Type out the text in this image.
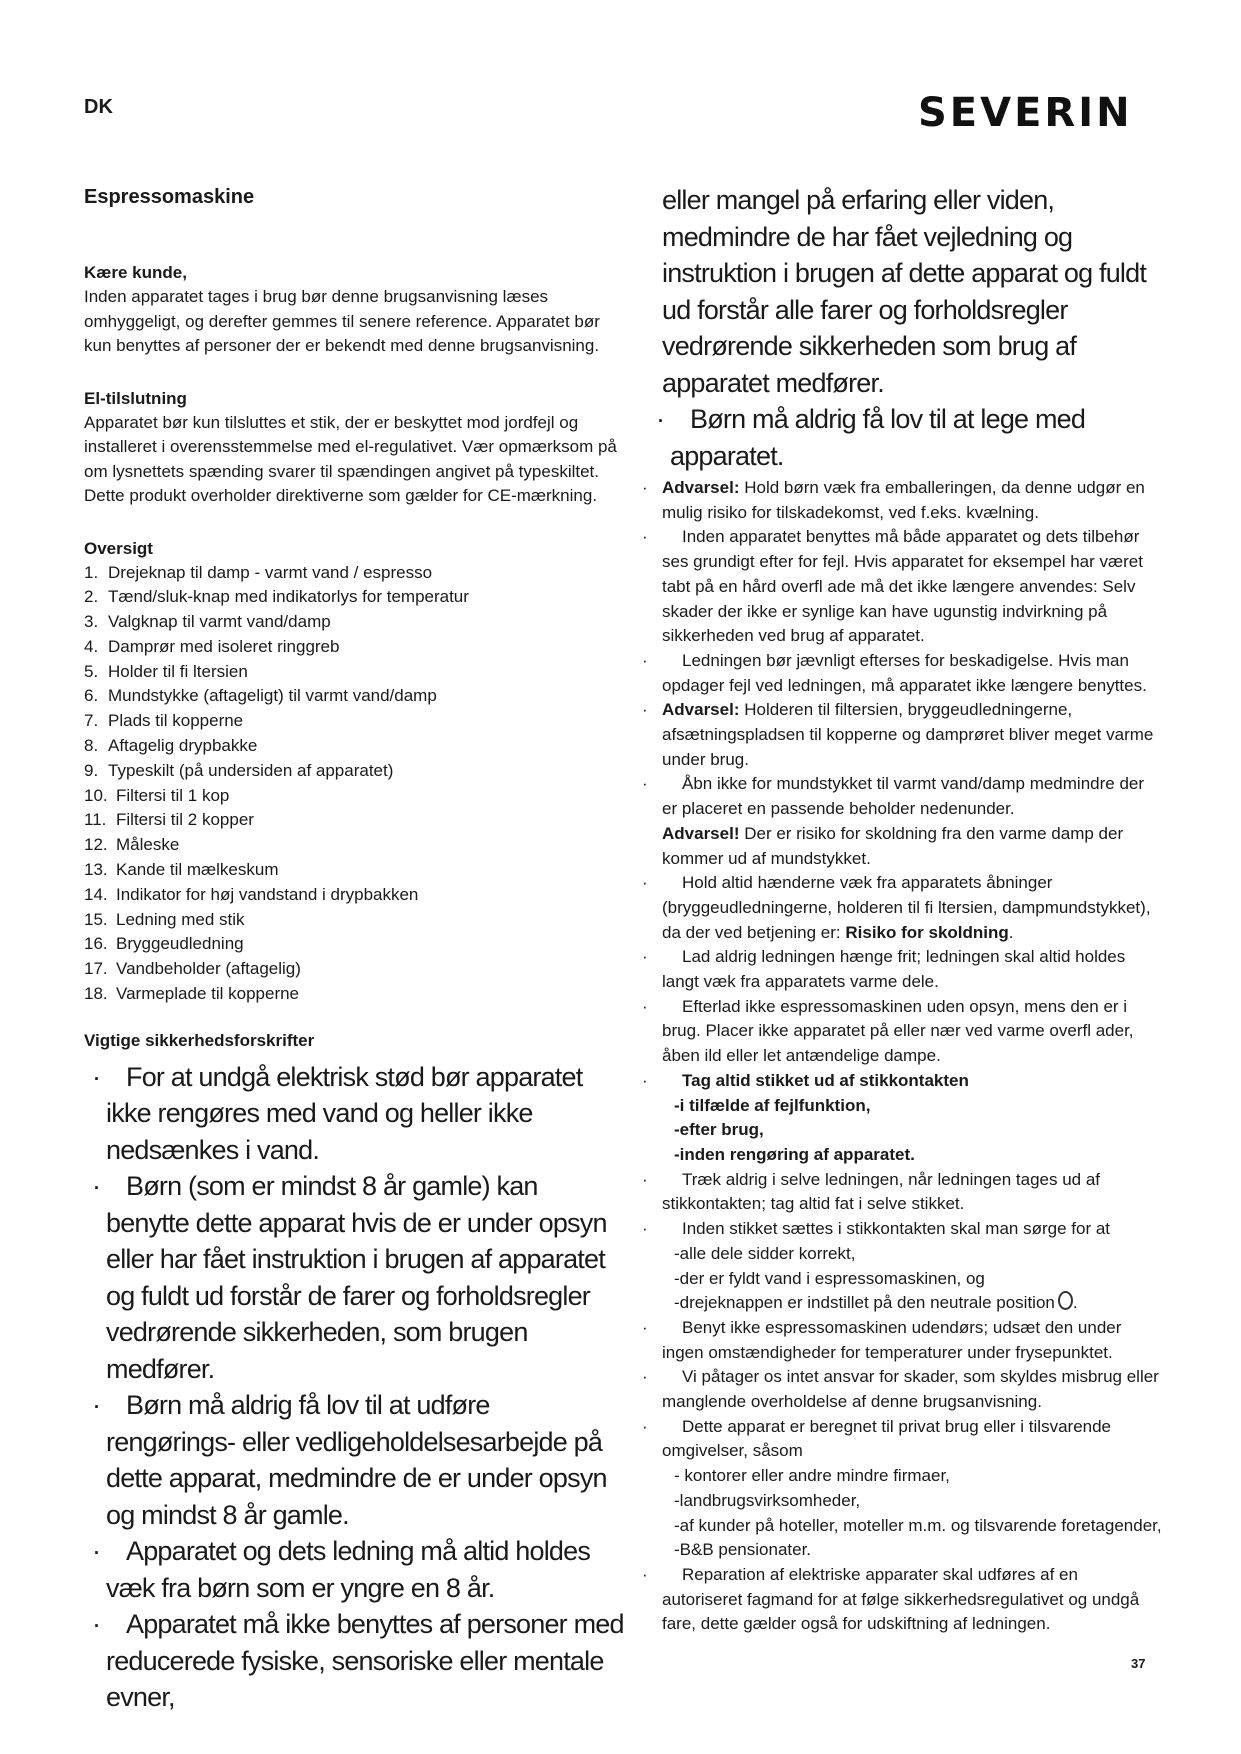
DK	SEVERIN
Espressomaskine
Kære kunde,
Inden apparatet tages i brug bør denne brugsanvisning læses omhyggeligt, og derefter gemmes til senere reference. Apparatet bør kun benyttes af personer der er bekendt med denne brugsanvisning.
El-tilslutning
Apparatet bør kun tilsluttes et stik, der er beskyttet mod jordfejl og installeret i overensstemmelse med el-regulativet. Vær opmærksom på om lysnettets spænding svarer til spændingen angivet på typeskiltet.
Dette produkt overholder direktiverne som gælder for CE-mærkning.
Oversigt
1. Drejeknap til damp - varmt vand / espresso
2. Tænd/sluk-knap med indikatorlys for temperatur
3. Valgknap til varmt vand/damp
4. Damprør med isoleret ringgreb
5. Holder til fi ltersien
6. Mundstykke (aftageligt) til varmt vand/damp
7. Plads til kopperne
8. Aftagelig drypbakke
9. Typeskilt (på undersiden af apparatet)
10. Filtersi til 1 kop
11. Filtersi til 2 kopper
12. Måleske
13. Kande til mælkeskum
14. Indikator for høj vandstand i drypbakken
15. Ledning med stik
16. Bryggeudledning
17. Vandbeholder (aftagelig)
18. Varmeplade til kopperne
Vigtige sikkerhedsforskrifter
· For at undgå elektrisk stød bør apparatet ikke rengøres med vand og heller ikke nedsænkes i vand.
· Børn (som er mindst 8 år gamle) kan benytte dette apparat hvis de er under opsyn eller har fået instruktion i brugen af apparatet og fuldt ud forstår de farer og forholdsregler vedrørende sikkerheden, som brugen medfører.
· Børn må aldrig få lov til at udføre rengørings- eller vedligeholdelsesarbejde på dette apparat, medmindre de er under opsyn og mindst 8 år gamle.
· Apparatet og dets ledning må altid holdes væk fra børn som er yngre en 8 år.
· Apparatet må ikke benyttes af personer med reducerede fysiske, sensoriske eller mentale evner,
eller mangel på erfaring eller viden, medmindre de har fået vejledning og instruktion i brugen af dette apparat og fuldt ud forstår alle farer og forholdsregler vedrørende sikkerheden som brug af apparatet medfører.
· Børn må aldrig få lov til at lege med apparatet.
· Advarsel: Hold børn væk fra emballeringen, da denne udgør en mulig risiko for tilskadekomst, ved f.eks. kvælning.
· Inden apparatet benyttes må både apparatet og dets tilbehør ses grundigt efter for fejl. Hvis apparatet for eksempel har været tabt på en hård overfl ade må det ikke længere anvendes: Selv skader der ikke er synlige kan have ugunstig indvirkning på sikkerheden ved brug af apparatet.
· Ledningen bør jævnligt efterses for beskadigelse. Hvis man opdager fejl ved ledningen, må apparatet ikke længere benyttes.
· Advarsel: Holderen til filtersien, bryggeudledningerne, afsætningspladsen til kopperne og damprøret bliver meget varme under brug.
· Åbn ikke for mundstykket til varmt vand/damp medmindre der er placeret en passende beholder nedenunder.
Advarsel! Der er risiko for skoldning fra den varme damp der kommer ud af mundstykket.
· Hold altid hænderne væk fra apparatets åbninger (bryggeudledningerne, holderen til fi ltersien, dampmundstykket), da der ved betjening er: Risiko for skoldning.
· Lad aldrig ledningen hænge frit; ledningen skal altid holdes langt væk fra apparatets varme dele.
· Efterlad ikke espressomaskinen uden opsyn, mens den er i brug. Placer ikke apparatet på eller nær ved varme overfl ader, åben ild eller let antændelige dampe.
· Tag altid stikket ud af stikkontakten
-i tilfælde af fejlfunktion,
-efter brug,
-inden rengøring af apparatet.
· Træk aldrig i selve ledningen, når ledningen tages ud af stikkontakten; tag altid fat i selve stikket.
· Inden stikket sættes i stikkontakten skal man sørge for at
-alle dele sidder korrekt,
-der er fyldt vand i espressomaskinen, og
-drejeknappen er indstillet på den neutrale position .
· Benyt ikke espressomaskinen udendørs; udsæt den under ingen omstændigheder for temperaturer under frysepunktet.
· Vi påtager os intet ansvar for skader, som skyldes misbrug eller manglende overholdelse af denne brugsanvisning.
· Dette apparat er beregnet til privat brug eller i tilsvarende omgivelser, såsom
- kontorer eller andre mindre firmaer,
-landbrugsvirksomheder,
-af kunder på hoteller, moteller m.m. og tilsvarende foretagender,
-B&B pensionater.
· Reparation af elektriske apparater skal udføres af en autoriseret fagmand for at følge sikkerhedsregulativet og undgå fare, dette gælder også for udskiftning af ledningen.
37
